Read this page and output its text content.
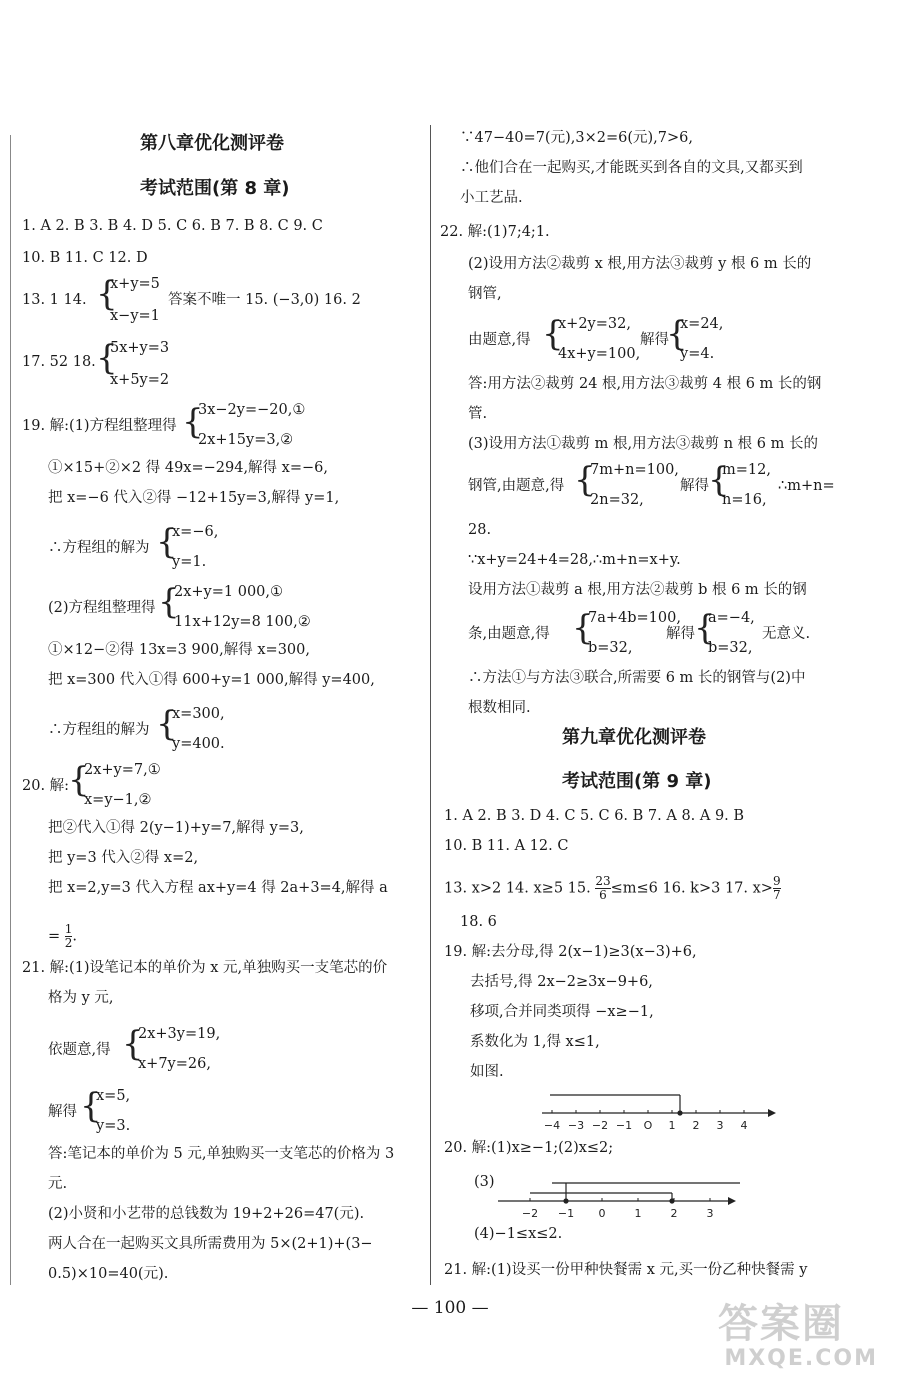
第八章优化测评卷
考试范围(第 8 章)
1. A 2. B 3. B 4. D 5. C 6. B 7. B 8. C 9. C
10. B 11. C 12. D
13. 1 14. {
x+y=5
x−y=1
答案不唯一 15. (−3,0) 16. 2
17. 52 18. {
5x+y=3
x+5y=2
19. 解:(1)方程组整理得 {
3x−2y=−20,①
2x+15y=3,②
①×15+②×2 得 49x=−294,解得 x=−6,
把 x=−6 代入②得 −12+15y=3,解得 y=1,
∴方程组的解为 {
x=−6,
y=1.
(2)方程组整理得 {
2x+y=1 000,①
11x+12y=8 100,②
①×12−②得 13x=3 900,解得 x=300,
把 x=300 代入①得 600+y=1 000,解得 y=400,
∴方程组的解为 {
x=300,
y=400.
20. 解:
{
2x+y=7,①
x=y−1,②
把②代入①得 2(y−1)+y=7,解得 y=3,
把 y=3 代入②得 x=2,
把 x=2,y=3 代入方程 ax+y=4 得 2a+3=4,解得 a
= $\frac{1}{2}$ .
21. 解:(1)设笔记本的单价为 x 元,单独购买一支笔芯的价
格为 y 元,
依题意,得 {
2x+3y=19,
x+7y=26,
解得 {
x=5,
y=3.
答:笔记本的单价为 5 元,单独购买一支笔芯的价格为 3
元.
(2)小贤和小艺带的总钱数为 19+2+26=47(元).
两人合在一起购买文具所需费用为 5×(2+1)+(3−
0.5)×10=40(元).
∵47−40=7(元),3×2=6(元),7>6,
∴他们合在一起购买,才能既买到各自的文具,又都买到
小工艺品.
22. 解:(1)7;4;1.
(2)设用方法②裁剪 x 根,用方法③裁剪 y 根 6 m 长的
钢管,
由题意,得 {
x+2y=32,
4x+y=100,
解得
{
x=24,
y=4.
答:用方法②裁剪 24 根,用方法③裁剪 4 根 6 m 长的钢
管.
(3)设用方法①裁剪 m 根,用方法③裁剪 n 根 6 m 长的
钢管,由题意,得 {
7m+n=100,
2n=32,
解得 {
m=12,
n=16,
∴m+n=
28.
∵x+y=24+4=28,∴m+n=x+y.
设用方法①裁剪 a 根,用方法②裁剪 b 根 6 m 长的钢
条,由题意,得 {
7a+4b=100,
b=32,
解得 {
a=−4,
b=32,
无意义.
∴方法①与方法③联合,所需要 6 m 长的钢管与(2)中
根数相同.
第九章优化测评卷
考试范围(第 9 章)
1. A 2. B 3. D 4. C 5. C 6. B 7. A 8. A 9. B
10. B 11. A 12. C
13. x>2 14. x≥5 15. $\frac{23}{6} \le m\le 6$ 16. k>3 17. $x> \frac{9}{7}$
18. 6
19. 解:去分母,得 2(x−1)≥3(x−3)+6,
去括号,得 2x−2≥3x−9+6,
移项,合并同类项得 −x≥−1,
系数化为 1,得 x≤1,
如图.
−4 −3 −2 −1 O 1 2 3 4
20. 解:(1)x≥−1;(2)x≤2;
(3)
−2 −1 0	1	2	3
(4)−1≤x≤2.
21. 解:(1)设买一份甲种快餐需 x 元,买一份乙种快餐需 y
— 100 —	答案圈
MXQE.COM
